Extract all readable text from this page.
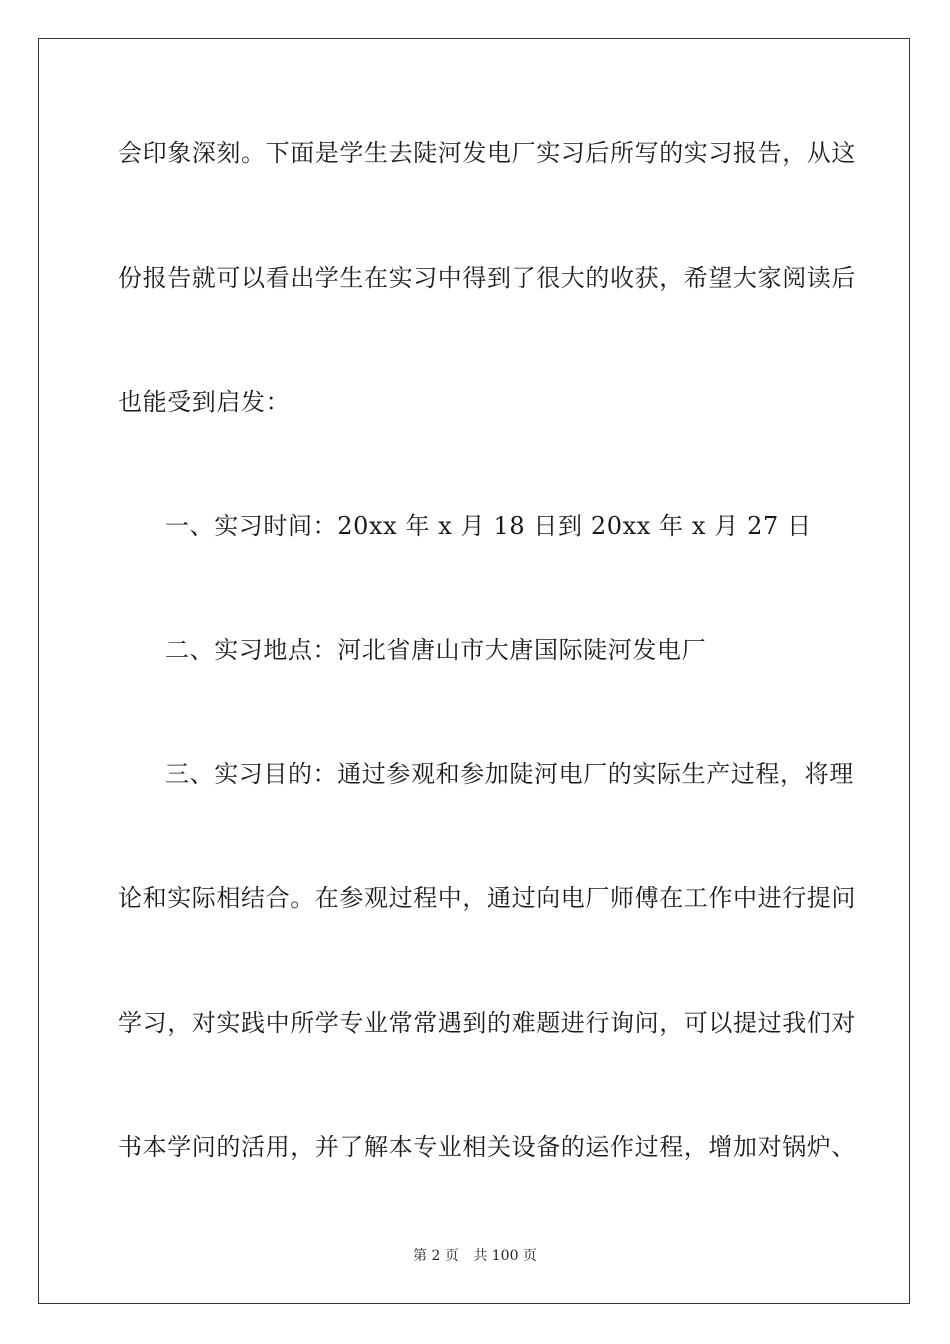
会印象深刻。下面是学生去陡河发电厂实习后所写的实习报告，从这
份报告就可以看出学生在实习中得到了很大的收获，希望大家阅读后
也能受到启发：
一、实习时间：20xx 年 x 月 18 日到 20xx 年 x 月 27 日
二、实习地点：河北省唐山市大唐国际陡河发电厂
三、实习目的：通过参观和参加陡河电厂的实际生产过程，将理
论和实际相结合。在参观过程中，通过向电厂师傅在工作中进行提问
学习，对实践中所学专业常常遇到的难题进行询问，可以提过我们对
书本学问的活用，并了解本专业相关设备的运作过程，增加对锅炉、
第 2 页 共 100 页
